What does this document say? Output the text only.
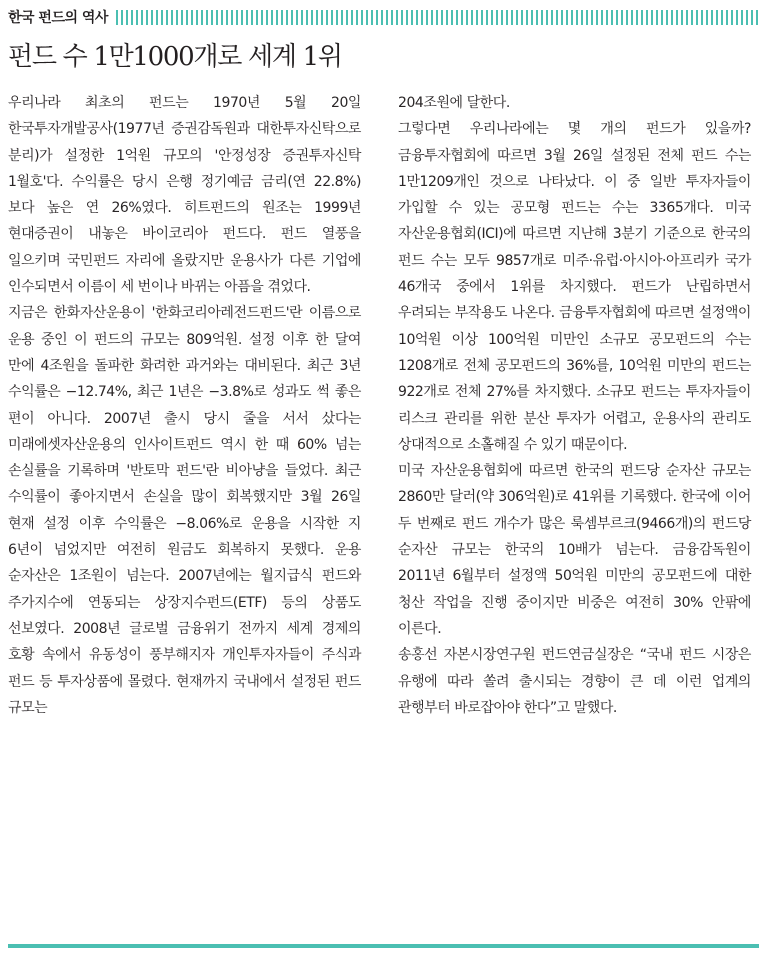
한국 펀드의 역사
펀드 수 1만1000개로 세계 1위

우리나라 최초의 펀드는 1970년 5월 20일 한국투자개발공사(1977년 증권감독원과 대한투자신탁으로 분리)가 설정한 1억원 규모의 '안정성장 증권투자신탁 1월호'다. 수익률은 당시 은행 정기예금 금리(연 22.8%)보다 높은 연 26%였다. 히트펀드의 원조는 1999년 현대증권이 내놓은 바이코리아 펀드다. 펀드 열풍을 일으키며 국민펀드 자리에 올랐지만 운용사가 다른 기업에 인수되면서 이름이 세 번이나 바뀌는 아픔을 겪었다.

지금은 한화자산운용이 '한화코리아레전드펀드'란 이름으로 운용 중인 이 펀드의 규모는 809억원. 설정 이후 한 달여 만에 4조원을 돌파한 화려한 과거와는 대비된다. 최근 3년 수익률은 −12.74%, 최근 1년은 −3.8%로 성과도 썩 좋은 편이 아니다. 2007년 출시 당시 줄을 서서 샀다는 미래에셋자산운용의 인사이트펀드 역시 한 때 60% 넘는 손실률을 기록하며 '반토막 펀드'란 비아냥을 들었다. 최근 수익률이 좋아지면서 손실을 많이 회복했지만 3월 26일 현재 설정 이후 수익률은 −8.06%로 운용을 시작한 지 6년이 넘었지만 여전히 원금도 회복하지 못했다. 운용 순자산은 1조원이 넘는다. 2007년에는 월지급식 펀드와 주가지수에 연동되는 상장지수펀드(ETF) 등의 상품도 선보였다. 2008년 글로벌 금융위기 전까지 세계 경제의 호황 속에서 유동성이 풍부해지자 개인투자자들이 주식과 펀드 등 투자상품에 몰렸다. 현재까지 국내에서 설정된 펀드 규모는

204조원에 달한다.

그렇다면 우리나라에는 몇 개의 펀드가 있을까? 금융투자협회에 따르면 3월 26일 설정된 전체 펀드 수는 1만1209개인 것으로 나타났다. 이 중 일반 투자자들이 가입할 수 있는 공모형 펀드는 수는 3365개다. 미국 자산운용협회(ICI)에 따르면 지난해 3분기 기준으로 한국의 펀드 수는 모두 9857개로 미주·유럽·아시아·아프리카 국가 46개국 중에서 1위를 차지했다. 펀드가 난립하면서 우려되는 부작용도 나온다. 금융투자협회에 따르면 설정액이 10억원 이상 100억원 미만인 소규모 공모펀드의 수는 1208개로 전체 공모펀드의 36%를, 10억원 미만의 펀드는 922개로 전체 27%를 차지했다. 소규모 펀드는 투자자들이 리스크 관리를 위한 분산 투자가 어렵고, 운용사의 관리도 상대적으로 소홀해질 수 있기 때문이다.

미국 자산운용협회에 따르면 한국의 펀드당 순자산 규모는 2860만 달러(약 306억원)로 41위를 기록했다. 한국에 이어 두 번째로 펀드 개수가 많은 룩셈부르크(9466개)의 펀드당 순자산 규모는 한국의 10배가 넘는다. 금융감독원이 2011년 6월부터 설정액 50억원 미만의 공모펀드에 대한 청산 작업을 진행 중이지만 비중은 여전히 30% 안팎에 이른다.

송홍선 자본시장연구원 펀드연금실장은 “국내 펀드 시장은 유행에 따라 쏠려 출시되는 경향이 큰 데 이런 업계의 관행부터 바로잡아야 한다”고 말했다.
